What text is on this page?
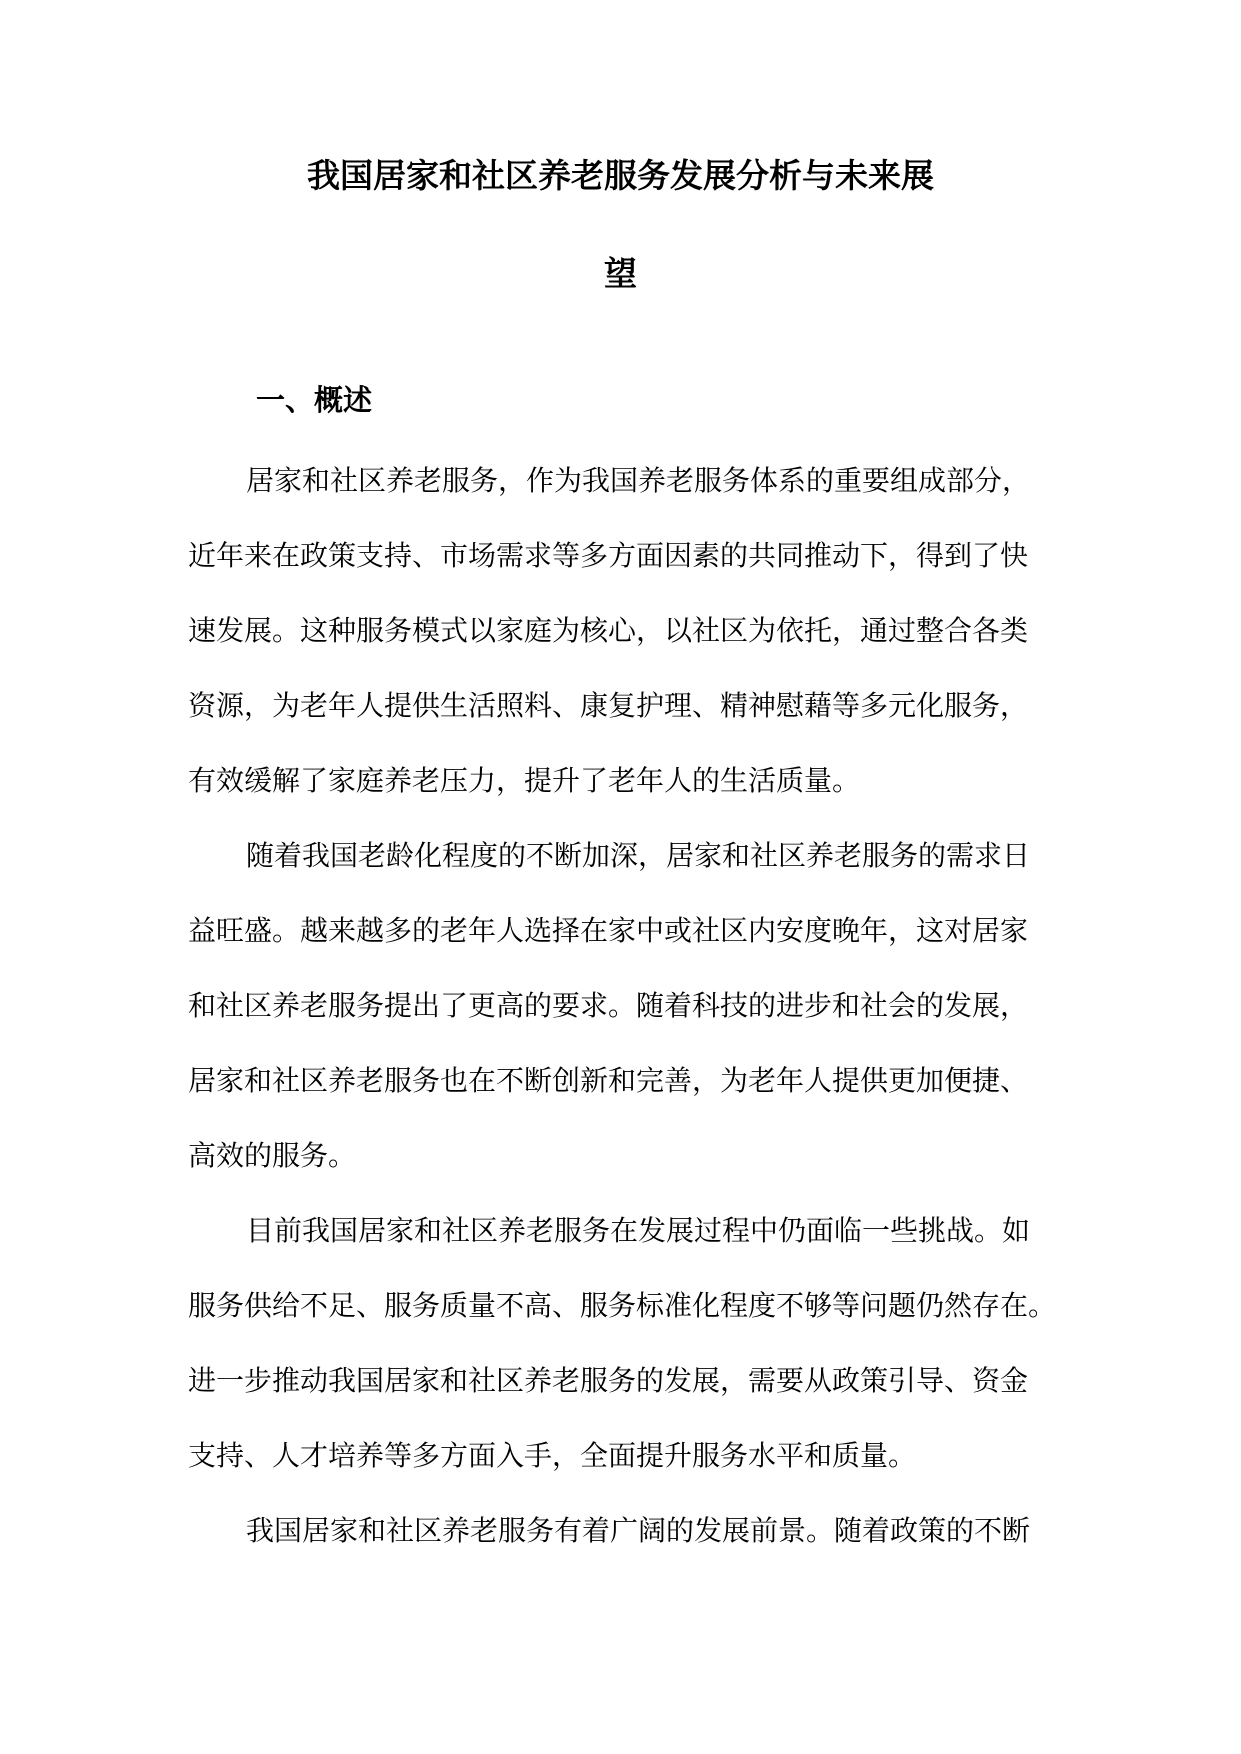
我国居家和社区养老服务发展分析与未来展
望
一、概述

居家和社区养老服务，作为我国养老服务体系的重要组成部分，

近年来在政策支持、市场需求等多方面因素的共同推动下，得到了快

速发展。这种服务模式以家庭为核心，以社区为依托，通过整合各类

资源，为老年人提供生活照料、康复护理、精神慰藉等多元化服务，

有效缓解了家庭养老压力，提升了老年人的生活质量。

随着我国老龄化程度的不断加深，居家和社区养老服务的需求日

益旺盛。越来越多的老年人选择在家中或社区内安度晚年，这对居家

和社区养老服务提出了更高的要求。随着科技的进步和社会的发展，

居家和社区养老服务也在不断创新和完善，为老年人提供更加便捷、

高效的服务。

目前我国居家和社区养老服务在发展过程中仍面临一些挑战。如

服务供给不足、服务质量不高、服务标准化程度不够等问题仍然存在。

进一步推动我国居家和社区养老服务的发展，需要从政策引导、资金

支持、人才培养等多方面入手，全面提升服务水平和质量。

我国居家和社区养老服务有着广阔的发展前景。随着政策的不断
